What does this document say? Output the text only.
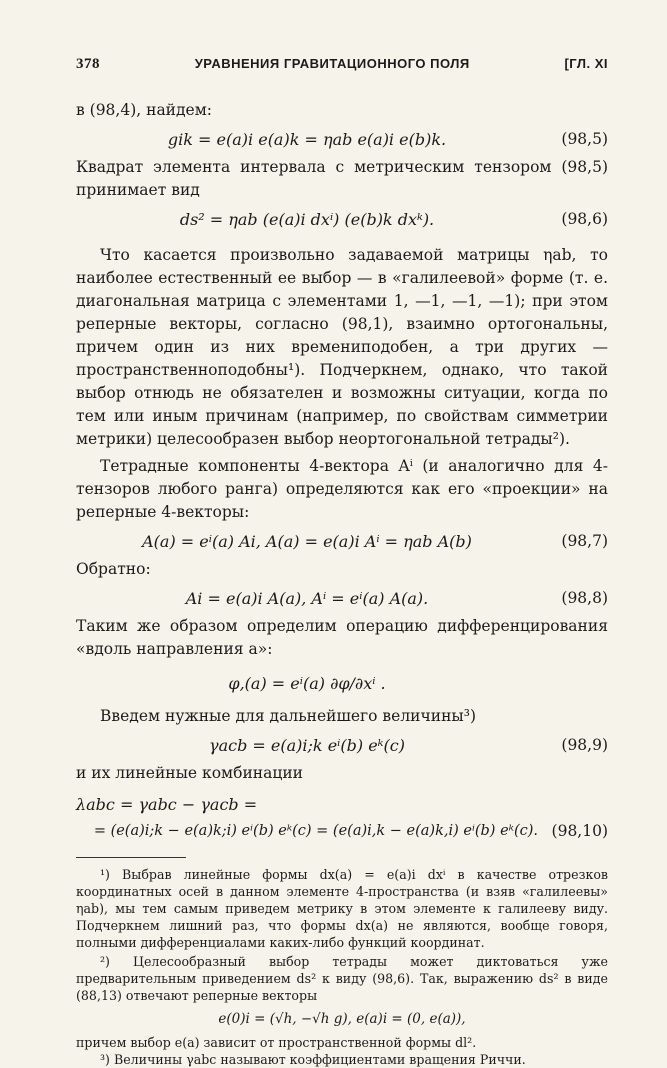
378	УРАВНЕНИЯ ГРАВИТАЦИОННОГО ПОЛЯ	[ГЛ. XI

в (98,4), найдем:

gik = e(a)i e(a)k = ηab e(a)i e(b)k.	(98,5)

Квадрат элемента интервала с метрическим тензором (98,5) принимает вид

ds² = ηab (e(a)i dxⁱ) (e(b)k dxᵏ).	(98,6)

Что касается произвольно задаваемой матрицы ηab, то наиболее естественный ее выбор — в «галилеевой» форме (т. е. диагональная матрица с элементами 1, —1, —1, —1); при этом реперные векторы, согласно (98,1), взаимно ортогональны, причем один из них времениподобен, а три других — пространственноподобны¹). Подчеркнем, однако, что такой выбор отнюдь не обязателен и возможны ситуации, когда по тем или иным причинам (например, по свойствам симметрии метрики) целесообразен выбор неортогональной тетрады²).

Тетрадные компоненты 4-вектора Aⁱ (и аналогично для 4-тензоров любого ранга) определяются как его «проекции» на реперные 4-векторы:

A(a) = eⁱ(a) Ai, A(a) = e(a)i Aⁱ = ηab A(b)	(98,7)

Обратно:

Ai = e(a)i A(a), Aⁱ = eⁱ(a) A(a).	(98,8)

Таким же образом определим операцию дифференцирования «вдоль направления a»:

φ,(a) = eⁱ(a) ∂φ/∂xⁱ .

Введем нужные для дальнейшего величины³)

γacb = e(a)i;k eⁱ(b) eᵏ(c)	(98,9)

и их линейные комбинации

λabc = γabc − γacb =
= (e(a)i;k − e(a)k;i) eⁱ(b) eᵏ(c) = (e(a)i,k − e(a)k,i) eⁱ(b) eᵏ(c). (98,10)

¹) Выбрав линейные формы dx(a) = e(a)i dxⁱ в качестве отрезков координатных осей в данном элементе 4-пространства (и взяв «галилеевы» ηab), мы тем самым приведем метрику в этом элементе к галилееву виду. Подчеркнем лишний раз, что формы dx(a) не являются, вообще говоря, полными дифференциалами каких-либо функций координат.

²) Целесообразный выбор тетрады может диктоваться уже предварительным приведением ds² к виду (98,6). Так, выражению ds² в виде (88,13) отвечают реперные векторы

e(0)i = (√h, −√h g), e(a)i = (0, e(a)),

причем выбор e(a) зависит от пространственной формы dl².

³) Величины γabc называют коэффициентами вращения Риччи.
